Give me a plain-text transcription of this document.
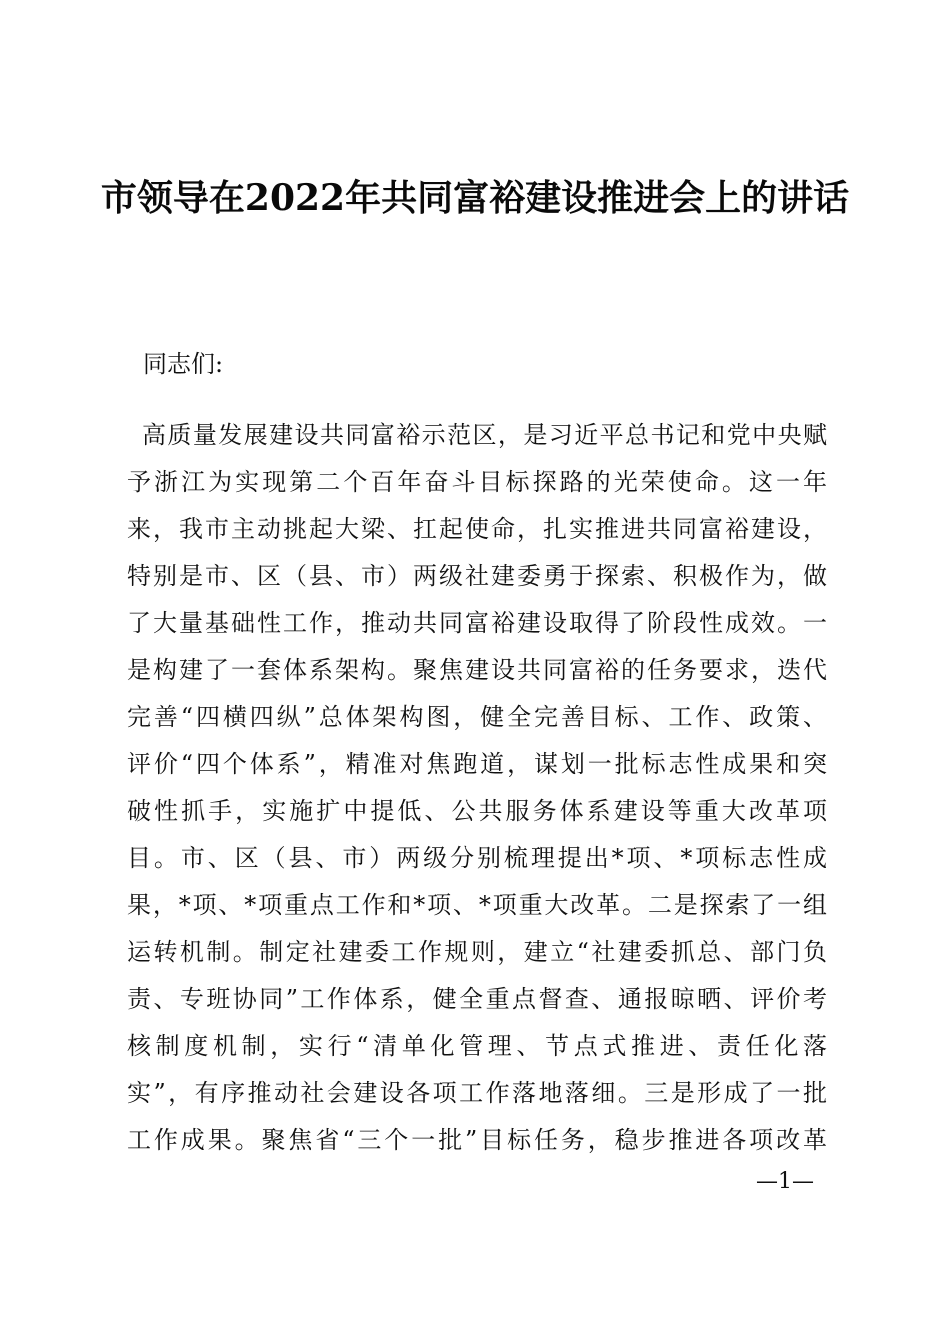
市领导在2022年共同富裕建设推进会上的讲话

同志们:

高质量发展建设共同富裕示范区，是习近平总书记和党中央赋
予浙江为实现第二个百年奋斗目标探路的光荣使命。这一年
来，我市主动挑起大梁、扛起使命，扎实推进共同富裕建设，
特别是市、区（县、市）两级社建委勇于探索、积极作为，做
了大量基础性工作，推动共同富裕建设取得了阶段性成效。一
是构建了一套体系架构。聚焦建设共同富裕的任务要求，迭代
完善“四横四纵”总体架构图，健全完善目标、工作、政策、
评价“四个体系”，精准对焦跑道，谋划一批标志性成果和突
破性抓手，实施扩中提低、公共服务体系建设等重大改革项
目。市、区（县、市）两级分别梳理提出*项、*项标志性成
果，*项、*项重点工作和*项、*项重大改革。二是探索了一组
运转机制。制定社建委工作规则，建立“社建委抓总、部门负
责、专班协同”工作体系，健全重点督查、通报晾晒、评价考
核制度机制，实行“清单化管理、节点式推进、责任化落
实”，有序推动社会建设各项工作落地落细。三是形成了一批
工作成果。聚焦省“三个一批”目标任务，稳步推进各项改革

—1—
